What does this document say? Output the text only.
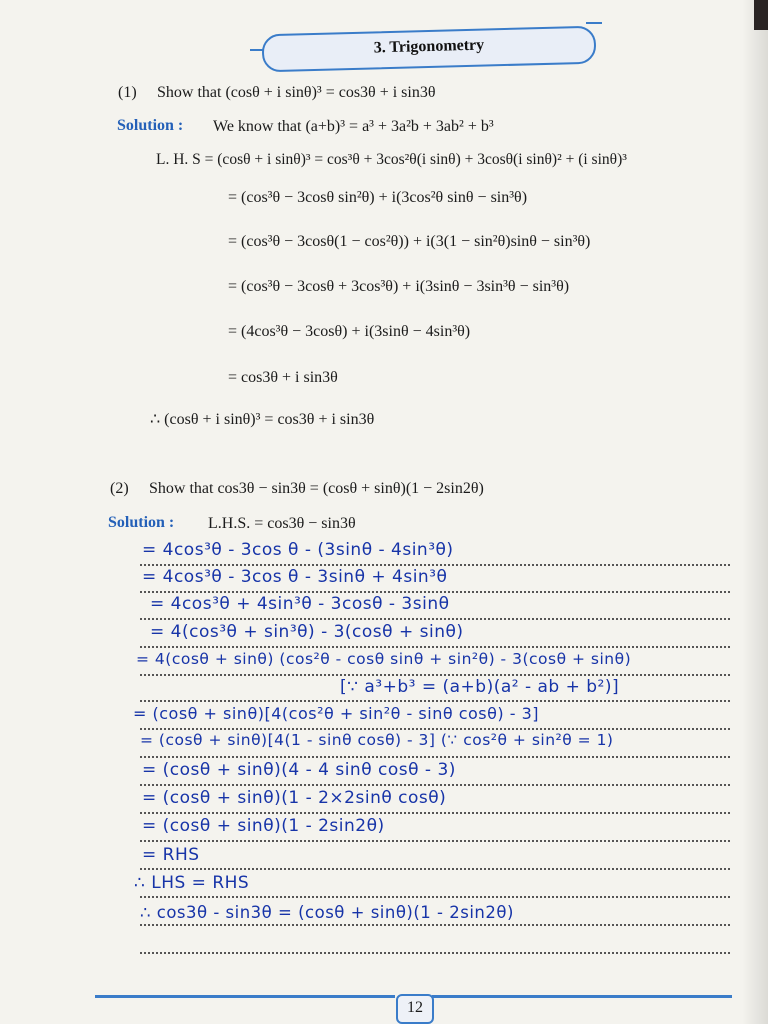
3. Trigonometry
(1) Show that (cosθ + i sinθ)³ = cos3θ + i sin3θ
Solution : We know that (a+b)³ = a³ + 3a²b + 3ab² + b³
L. H. S = (cosθ + i sinθ)³ = cos³θ + 3cos²θ(i sinθ) + 3cosθ(i sinθ)² + (i sinθ)³
= (cos³θ − 3cosθ sin²θ) + i(3cos²θ sinθ − sin³θ)
= (cos³θ − 3cosθ(1 − cos²θ)) + i(3(1 − sin²θ)sinθ − sin³θ)
= (cos³θ − 3cosθ + 3cos³θ) + i(3sinθ − 3sin³θ − sin³θ)
= (4cos³θ − 3cosθ) + i(3sinθ − 4sin³θ)
= cos3θ + i sin3θ
∴ (cosθ + i sinθ)³ = cos3θ + i sin3θ
(2) Show that cos3θ − sin3θ = (cosθ + sinθ)(1 − 2sin2θ)
Solution : L.H.S. = cos3θ − sin3θ
= 4cos³θ - 3cos θ - (3sinθ - 4sin³θ)
= 4cos³θ - 3cos θ - 3sinθ + 4sin³θ
= 4cos³θ + 4sin³θ - 3cosθ - 3sinθ
= 4(cos³θ + sin³θ) - 3(cosθ + sinθ)
= 4(cosθ + sinθ) (cos²θ - cosθ sinθ + sin²θ) - 3(cosθ + sinθ)
[∵ a³+b³ = (a+b)(a² - ab + b²)]
= (cosθ + sinθ)[4(cos²θ + sin²θ - sinθ cosθ) - 3]
= (cosθ + sinθ)[4(1 - sinθ cosθ) - 3] (∵ cos²θ + sin²θ = 1)
= (cosθ + sinθ)(4 - 4 sinθ cosθ - 3)
= (cosθ + sinθ)(1 - 2×2sinθ cosθ)
= (cosθ + sinθ)(1 - 2sin2θ)
= RHS
∴ LHS = RHS
∴ cos3θ - sin3θ = (cosθ + sinθ)(1 - 2sin2θ)
12
